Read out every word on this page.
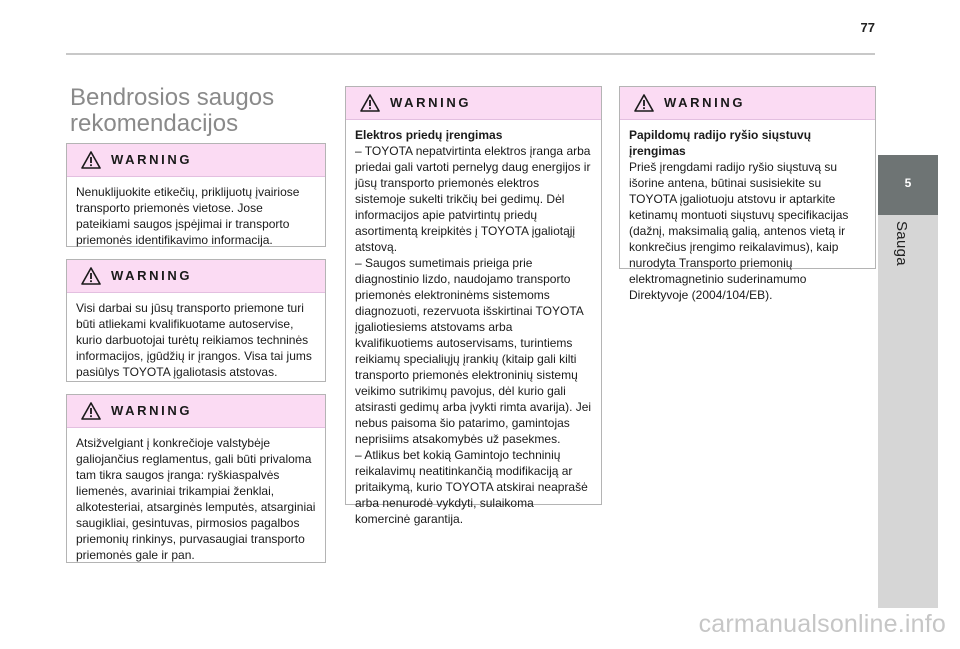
77
5
Sauga
Bendrosios saugos rekomendacijos
WARNING

Nenuklijuokite etikečių, priklijuotų įvairiose transporto priemonės vietose. Jose pateikiami saugos įspėjimai ir transporto priemonės identifikavimo informacija.

WARNING

Visi darbai su jūsų transporto priemone turi būti atliekami kvalifikuotame autoservise, kurio darbuotojai turėtų reikiamos techninės informacijos, įgūdžių ir įrangos. Visa tai jums pasiūlys TOYOTA įgaliotasis atstovas.

WARNING

Atsižvelgiant į konkrečioje valstybėje galiojančius reglamentus, gali būti privaloma tam tikra saugos įranga: ryškiaspalvės liemenės, avariniai trikampiai ženklai, alkotesteriai, atsarginės lemputės, atsarginiai saugikliai, gesintuvas, pirmosios pagalbos priemonių rinkinys, purvasaugiai transporto priemonės gale ir pan.

WARNING

Elektros priedų įrengimas

– TOYOTA nepatvirtinta elektros įranga arba priedai gali vartoti pernelyg daug energijos ir jūsų transporto priemonės elektros sistemoje sukelti trikčių bei gedimų. Dėl informacijos apie patvirtintų priedų asortimentą kreipkitės į TOYOTA įgaliotąjį atstovą.

– Saugos sumetimais prieiga prie diagnostinio lizdo, naudojamo transporto priemonės elektroninėms sistemoms diagnozuoti, rezervuota išskirtinai TOYOTA įgaliotiesiems atstovams arba kvalifikuotiems autoservisams, turintiems reikiamų specialiųjų įrankių (kitaip gali kilti transporto priemonės elektroninių sistemų veikimo sutrikimų pavojus, dėl kurio gali atsirasti gedimų arba įvykti rimta avarija). Jei nebus paisoma šio patarimo, gamintojas neprisiims atsakomybės už pasekmes.

– Atlikus bet kokią Gamintojo techninių reikalavimų neatitinkančią modifikaciją ar pritaikymą, kurio TOYOTA atskirai neaprašė arba nenurodė vykdyti, sulaikoma komercinė garantija.

WARNING

Papildomų radijo ryšio siųstuvų įrengimas

Prieš įrengdami radijo ryšio siųstuvą su išorine antena, būtinai susisiekite su TOYOTA įgaliotuoju atstovu ir aptarkite ketinamų montuoti siųstuvų specifikacijas (dažnį, maksimalią galią, antenos vietą ir konkrečius įrengimo reikalavimus), kaip nurodyta Transporto priemonių elektromagnetinio suderinamumo Direktyvoje (2004/104/EB).

carmanualsonline.info
